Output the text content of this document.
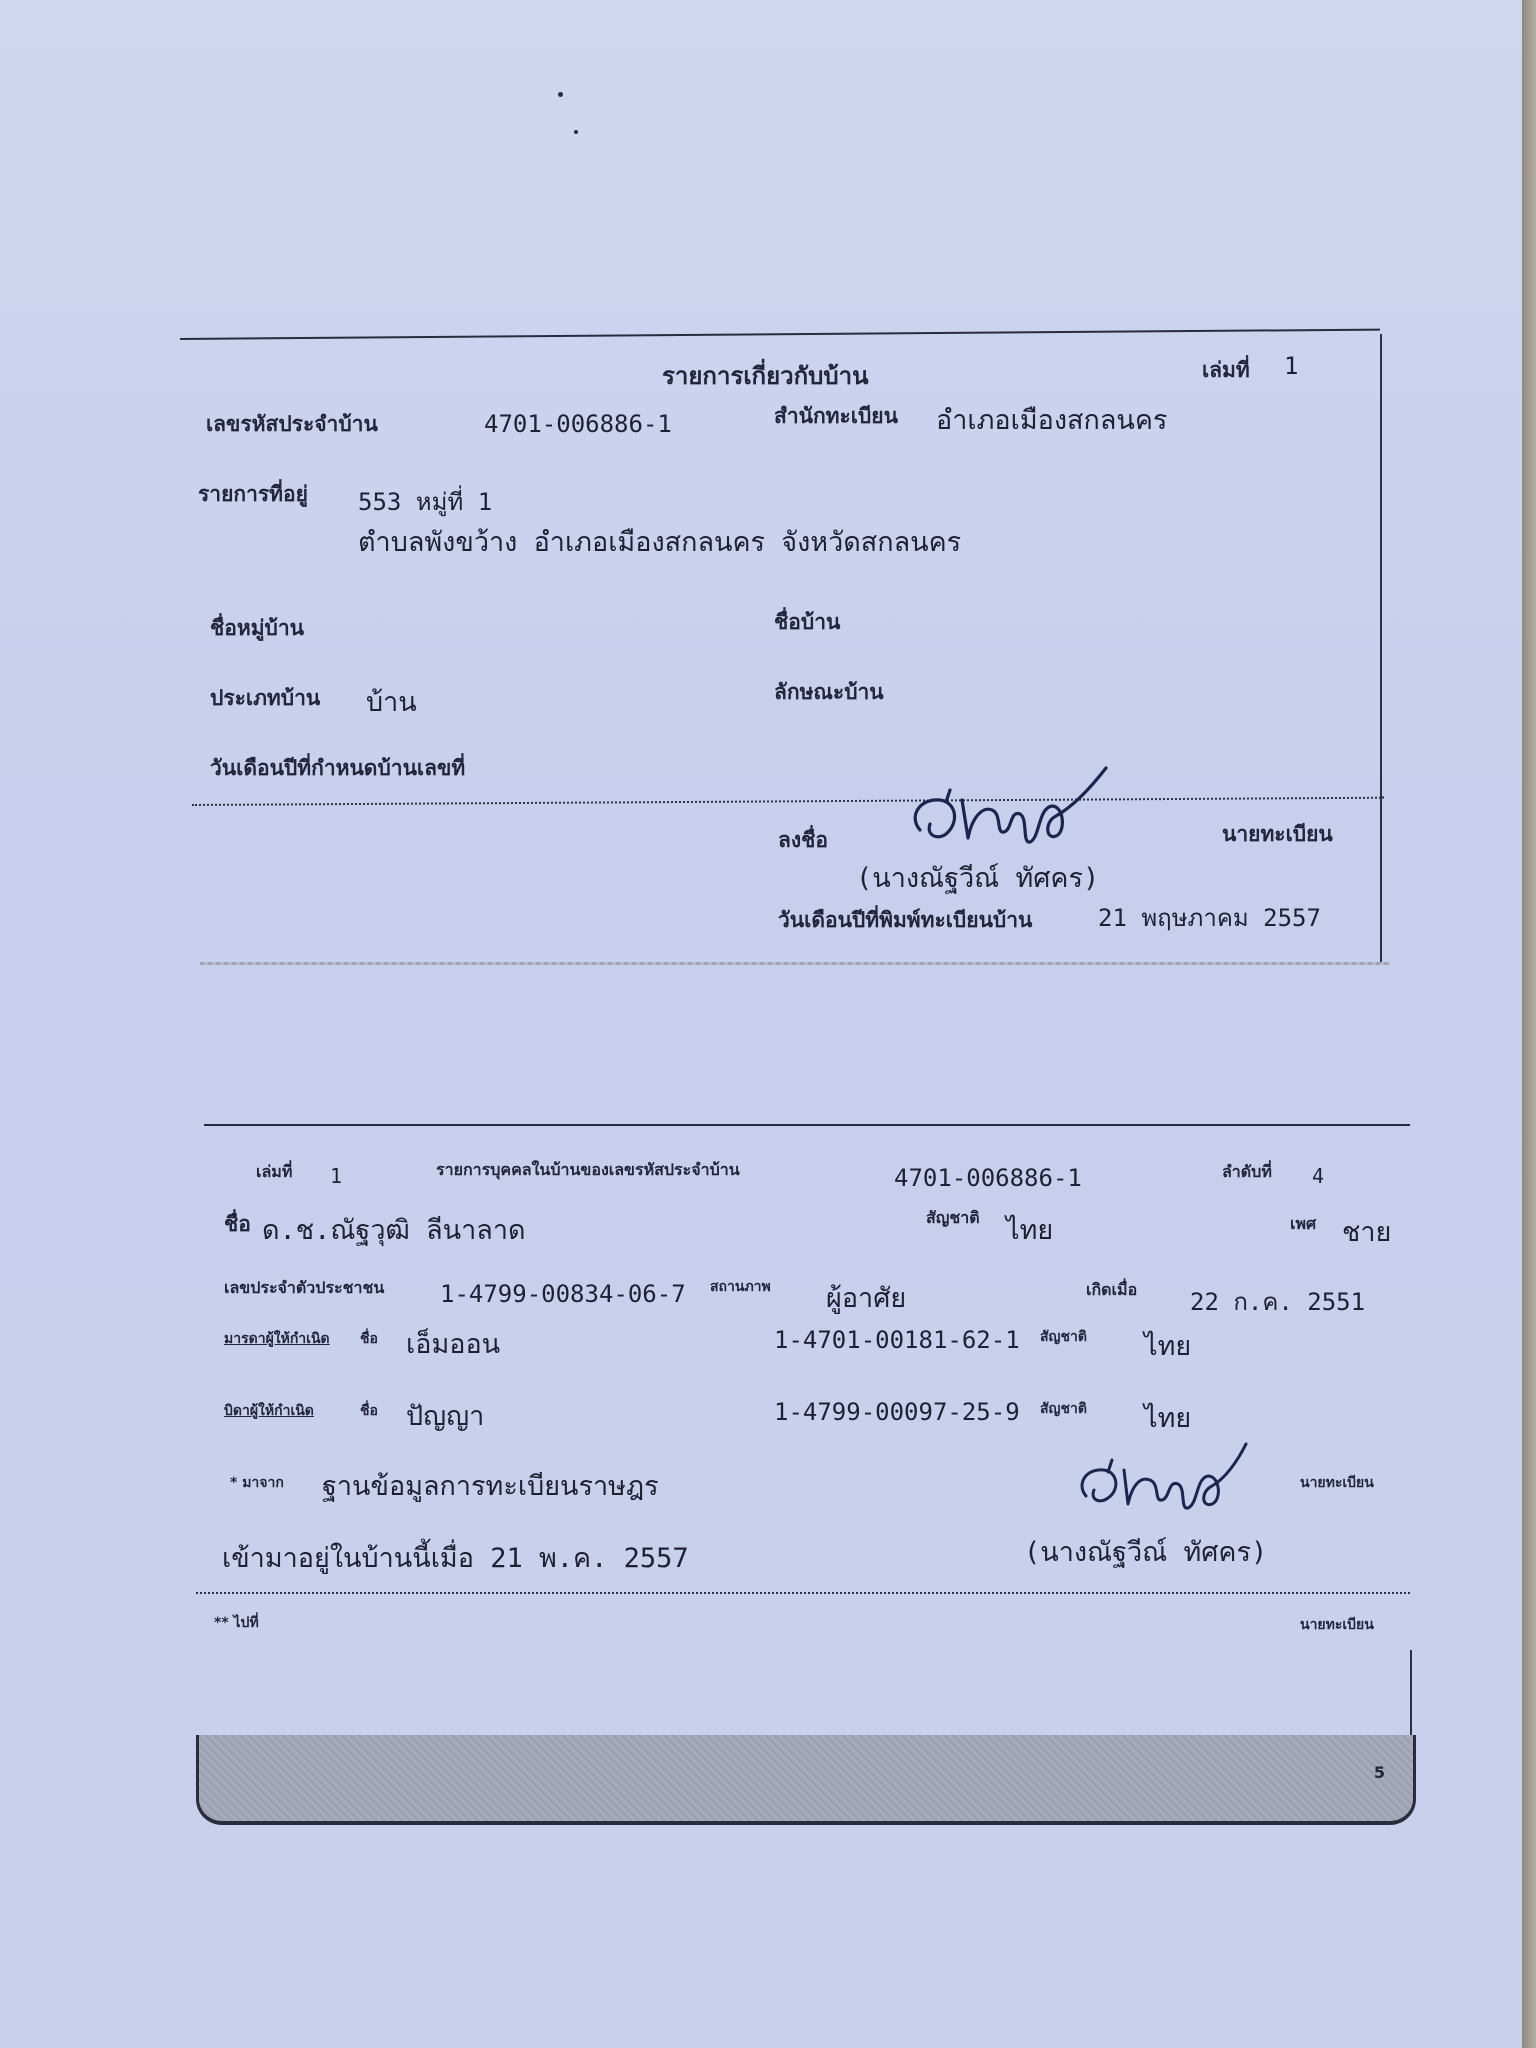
รายการเกี่ยวกับบ้าน	เล่มที่ 1
เลขรหัสประจำบ้าน	4701-006886-1	สำนักทะเบียน อำเภอเมืองสกลนคร
รายการที่อยู่ 553 หมู่ที่ 1
ตำบลพังขว้าง อำเภอเมืองสกลนคร จังหวัดสกลนคร
ชื่อหมู่บ้าน	ชื่อบ้าน
ประเภทบ้าน บ้าน	ลักษณะบ้าน
วันเดือนปีที่กำหนดบ้านเลขที่
ลงชื่อ	นายทะเบียน
(นางณัฐวีณ์ ทัศคร)
วันเดือนปีที่พิมพ์ทะเบียนบ้าน	21 พฤษภาคม 2557
เล่มที่ 1	รายการบุคคลในบ้านของเลขรหัสประจำบ้าน	4701-006886-1	ลำดับที่ 4
ชื่อ ด.ช.ณัฐวุฒิ ลีนาลาด	สัญชาติ ไทย	เพศ ชาย
เลขประจำตัวประชาชน 1-4799-00834-06-7 สถานภาพ ผู้อาศัย	เกิดเมื่อ 22 ก.ค. 2551
มารดาผู้ให้กำเนิด ชื่อ เอ็มออน	1-4701-00181-62-1 สัญชาติ ไทย
บิดาผู้ให้กำเนิด	ชื่อ ปัญญา	1-4799-00097-25-9 สัญชาติ ไทย
* มาจาก ฐานข้อมูลการทะเบียนราษฎร	นายทะเบียน
เข้ามาอยู่ในบ้านนี้เมื่อ 21 พ.ค. 2557	(นางณัฐวีณ์ ทัศคร)
** ไปที่	นายทะเบียน
5
